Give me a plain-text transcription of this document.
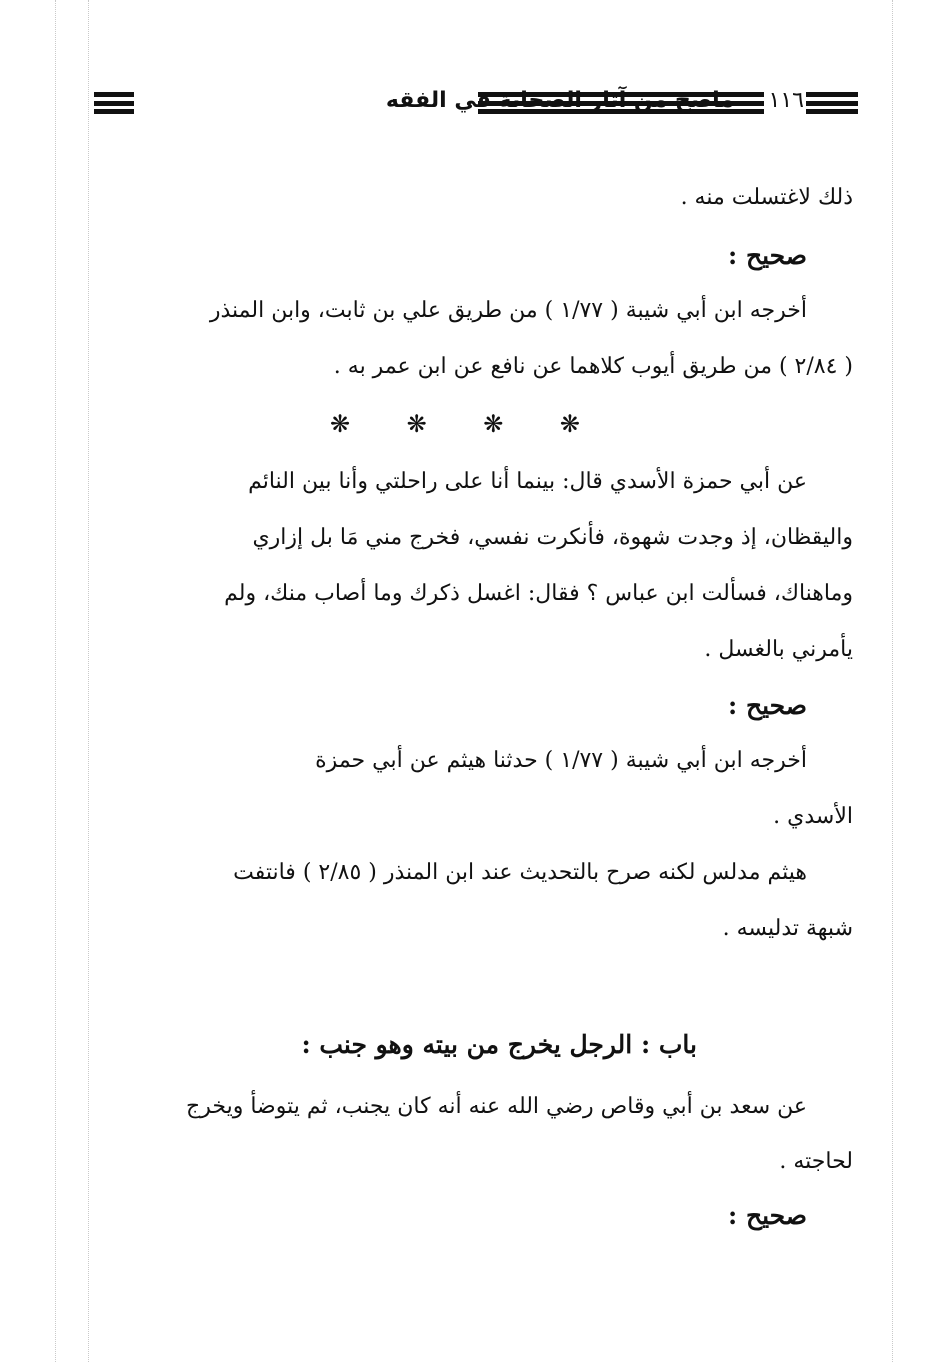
١١٦
ماصح من آثار الصحابة في الفقه
ذلك لاغتسلت منه .
صحيح :
أخرجه ابن أبي شيبة ( ١/٧٧ ) من طريق علي بن ثابت، وابن المنذر
( ٢/٨٤ ) من طريق أيوب كلاهما عن نافع عن ابن عمر به .
❋ ❋ ❋ ❋
عن أبي حمزة الأسدي قال: بينما أنا على راحلتي وأنا بين النائم
واليقظان، إذ وجدت شهوة، فأنكرت نفسي، فخرج مني مَا بل إزاري
وماهناك، فسألت ابن عباس ؟ فقال: اغسل ذكرك وما أصاب منك، ولم
يأمرني بالغسل .
صحيح :
أخرجه ابن أبي شيبة ( ١/٧٧ ) حدثنا هيثم عن أبي حمزة
الأسدي .
هيثم مدلس لكنه صرح بالتحديث عند ابن المنذر ( ٢/٨٥ ) فانتفت
شبهة تدليسه .
باب : الرجل يخرج من بيته وهو جنب :
عن سعد بن أبي وقاص رضي الله عنه أنه كان يجنب، ثم يتوضأ ويخرج
لحاجته .
صحيح :
